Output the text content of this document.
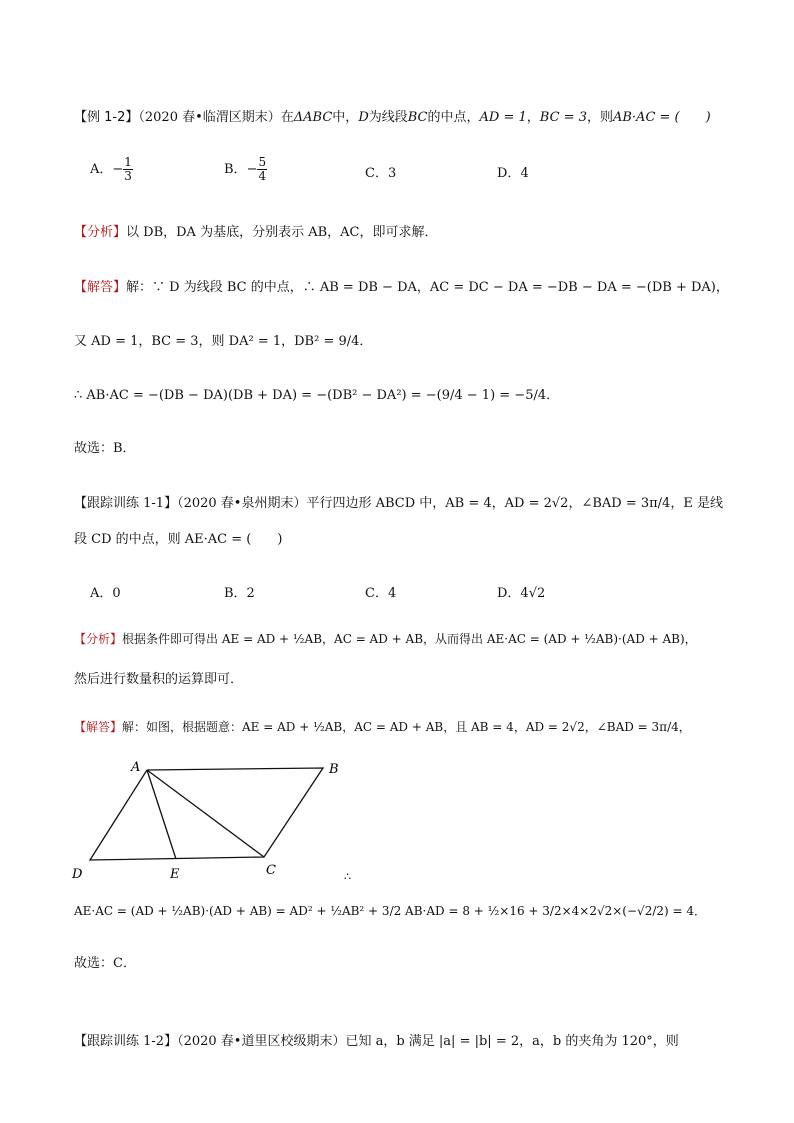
【例 1-2】（2020 春•临渭区期末）在ΔABC中，D为线段BC的中点，AD = 1，BC = 3，则AB·AC = (　　)
A．− $\frac{1}{3}$	B．− $\frac{5}{4}$	C．3	D．4
【分析】以 DB，DA 为基底，分别表示 AB，AC，即可求解．
【解答】解：∵ D 为线段 BC 的中点，∴ AB = DB − DA，AC = DC − DA = −DB − DA = −(DB + DA)，
又 AD = 1，BC = 3，则 DA² = 1，DB² = 9/4．
∴ AB·AC = −(DB − DA)(DB + DA) = −(DB² − DA²) = −(9/4 − 1) = −5/4．
故选：B．
【跟踪训练 1-1】（2020 春•泉州期末）平行四边形 ABCD 中，AB = 4，AD = 2√2，∠BAD = 3π/4，E 是线
段 CD 的中点，则 AE·AC = (　　)
A．0	B．2	C．4	D．4√2
【分析】根据条件即可得出 AE = AD + ½AB，AC = AD + AB，从而得出 AE·AC = (AD + ½AB)·(AD + AB)，
然后进行数量积的运算即可．
【解答】解：如图，根据题意：AE = AD + ½AB，AC = AD + AB，且 AB = 4，AD = 2√2，∠BAD = 3π/4，
A	B
C
D	E	∴
AE·AC = (AD + ½AB)·(AD + AB) = AD² + ½AB² + 3/2 AB·AD = 8 + ½×16 + 3/2×4×2√2×(−√2/2) = 4．
故选：C．
【跟踪训练 1-2】（2020 春•道里区校级期末）已知 a，b 满足 |a| = |b| = 2，a，b 的夹角为 120°，则
